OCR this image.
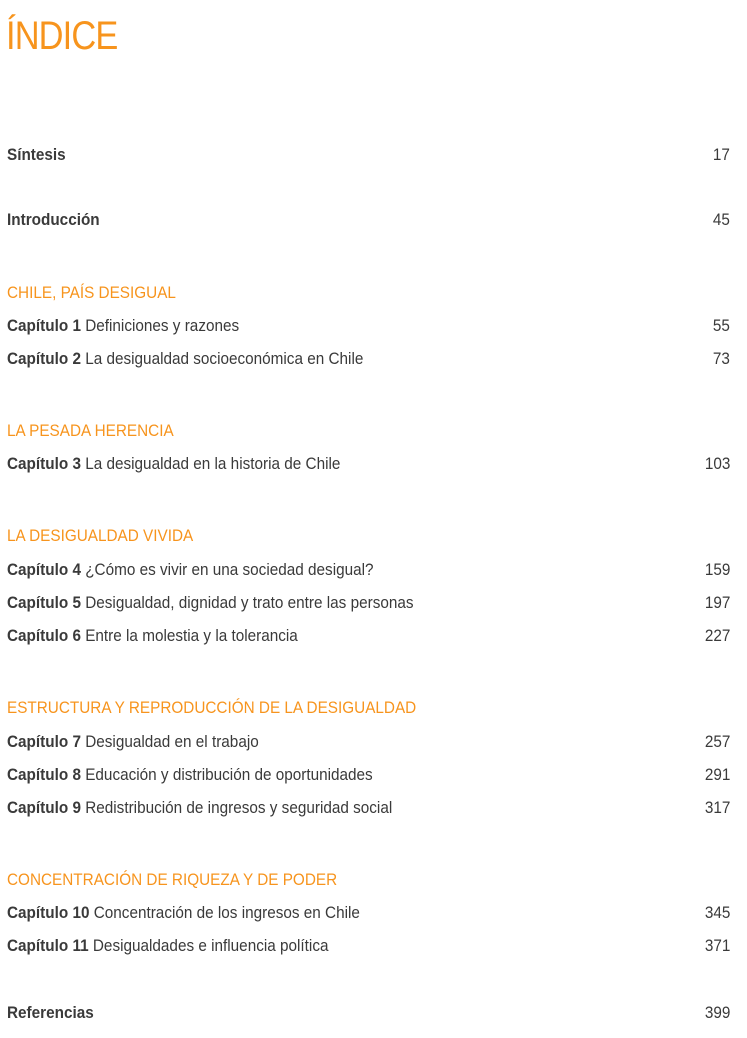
ÍNDICE
Síntesis	17
Introducción	45
CHILE, PAÍS DESIGUAL
Capítulo 1 Definiciones y razones	55
Capítulo 2 La desigualdad socioeconómica en Chile	73
LA PESADA HERENCIA
Capítulo 3 La desigualdad en la historia de Chile	103
LA DESIGUALDAD VIVIDA
Capítulo 4 ¿Cómo es vivir en una sociedad desigual?	159
Capítulo 5 Desigualdad, dignidad y trato entre las personas	197
Capítulo 6 Entre la molestia y la tolerancia	227
ESTRUCTURA Y REPRODUCCIÓN DE LA DESIGUALDAD
Capítulo 7 Desigualdad en el trabajo	257
Capítulo 8 Educación y distribución de oportunidades	291
Capítulo 9 Redistribución de ingresos y seguridad social	317
CONCENTRACIÓN DE RIQUEZA Y DE PODER
Capítulo 10 Concentración de los ingresos en Chile	345
Capítulo 11 Desigualdades e influencia política	371
Referencias	399
